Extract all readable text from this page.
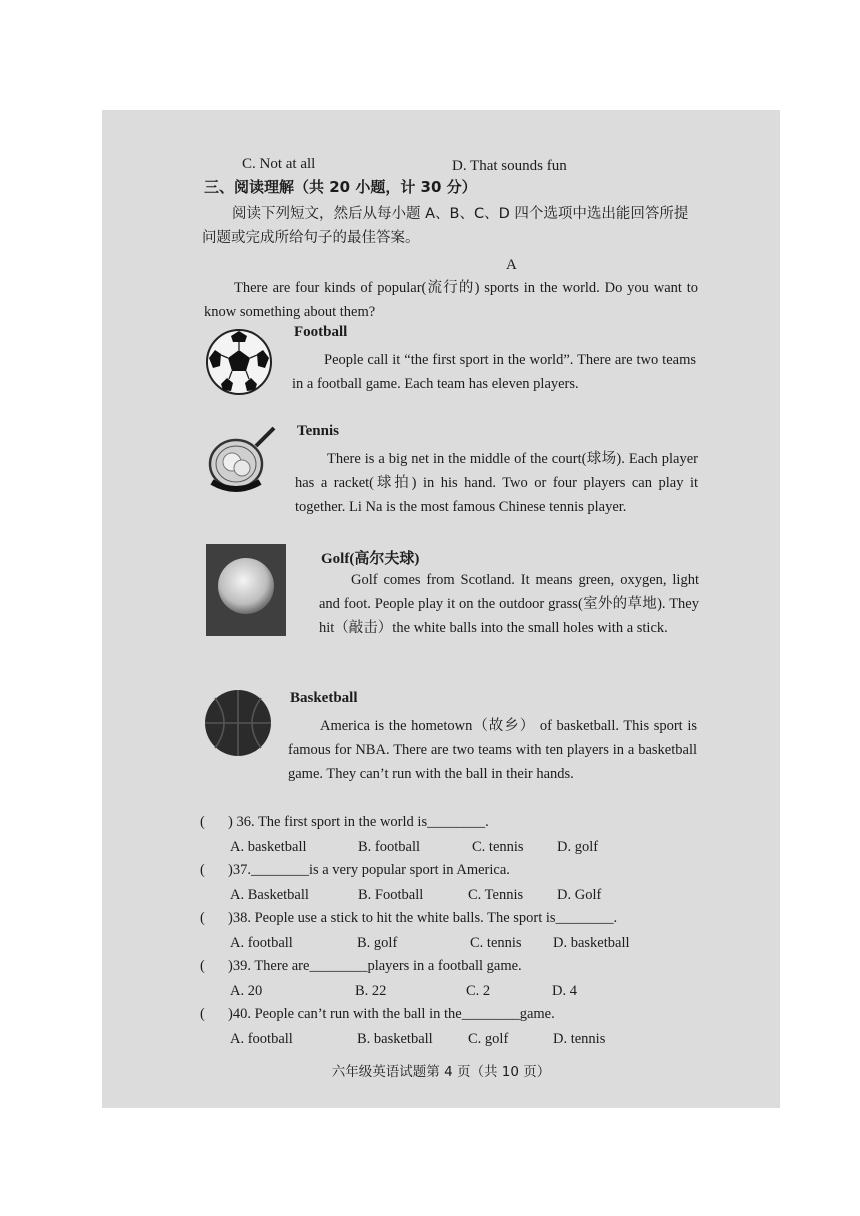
C. Not at all	D. That sounds fun
三、阅读理解（共 20 小题，计 30 分）
阅读下列短文，然后从每小题 A、B、C、D 四个选项中选出能回答所提问题或完成所给句子的最佳答案。
A
There are four kinds of popular(流行的) sports in the world. Do you want to know something about them?
Football
People call it “the first sport in the world”. There are two teams in a football game. Each team has eleven players.
Tennis
There is a big net in the middle of the court(球场). Each player has a racket(球拍) in his hand. Two or four players can play it together. Li Na is the most famous Chinese tennis player.
Golf(高尔夫球)
Golf comes from Scotland. It means green, oxygen, light and foot. People play it on the outdoor grass(室外的草地). They hit（敲击）the white balls into the small holes with a stick.
Basketball
America is the hometown（故乡） of basketball. This sport is famous for NBA. There are two teams with ten players in a basketball game. They can’t run with the ball in their hands.
( ) 36. The first sport in the world is________.
A. basketball	B. football	C. tennis D. golf
( )37.________is a very popular sport in America.
A. Basketball	B. Football	C. Tennis D. Golf
( )38. People use a stick to hit the white balls. The sport is________.
A. football	B. golf	C. tennis D. basketball
( )39. There are________players in a football game.
A. 20	B. 22	C. 2	D. 4
( )40. People can’t run with the ball in the________game.
A. football	B. basketball C. golf	D. tennis
六年级英语试题第 4 页（共 10 页）
